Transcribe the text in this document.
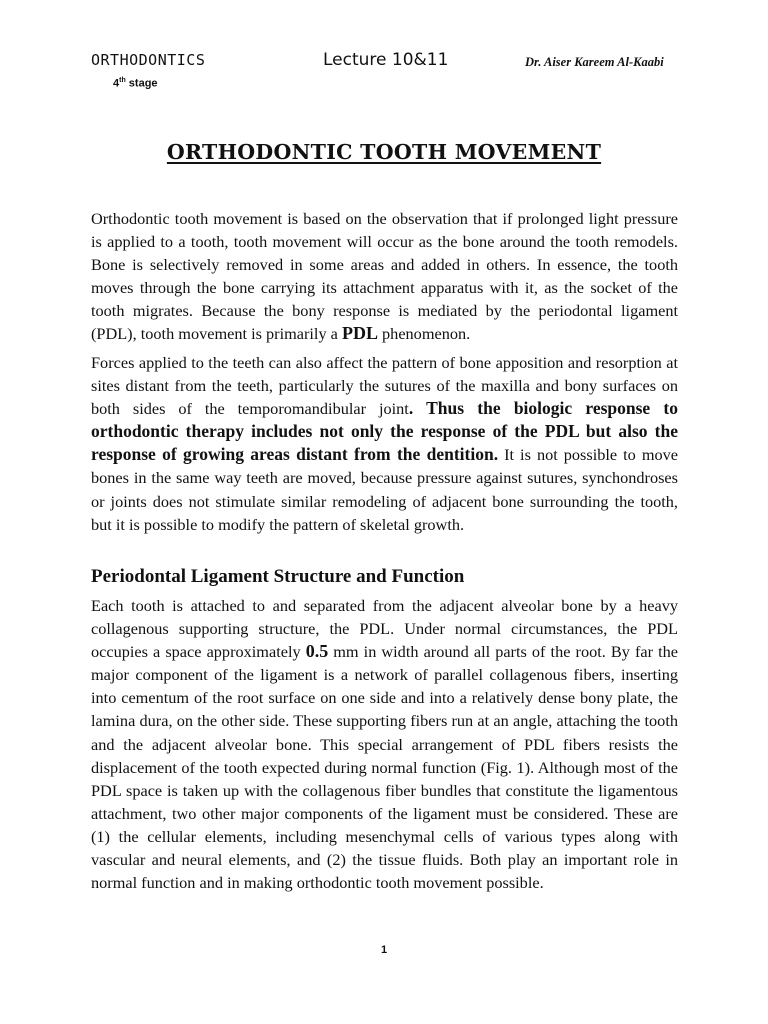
ORTHODONTICS
4th stage
Lecture 10&11	Dr. Aiser Kareem Al-Kaabi
ORTHODONTIC TOOTH MOVEMENT

Orthodontic tooth movement is based on the observation that if prolonged light pressure is applied to a tooth, tooth movement will occur as the bone around the tooth remodels. Bone is selectively removed in some areas and added in others. In essence, the tooth moves through the bone carrying its attachment apparatus with it, as the socket of the tooth migrates. Because the bony response is mediated by the periodontal ligament (PDL), tooth movement is primarily a PDL phenomenon.

Forces applied to the teeth can also affect the pattern of bone apposition and resorption at sites distant from the teeth, particularly the sutures of the maxilla and bony surfaces on both sides of the temporomandibular joint. Thus the biologic response to orthodontic therapy includes not only the response of the PDL but also the response of growing areas distant from the dentition. It is not possible to move bones in the same way teeth are moved, because pressure against sutures, synchondroses or joints does not stimulate similar remodeling of adjacent bone surrounding the tooth, but it is possible to modify the pattern of skeletal growth.

Periodontal Ligament Structure and Function

Each tooth is attached to and separated from the adjacent alveolar bone by a heavy collagenous supporting structure, the PDL. Under normal circumstances, the PDL occupies a space approximately 0.5 mm in width around all parts of the root. By far the major component of the ligament is a network of parallel collagenous fibers, inserting into cementum of the root surface on one side and into a relatively dense bony plate, the lamina dura, on the other side. These supporting fibers run at an angle, attaching the tooth and the adjacent alveolar bone. This special arrangement of PDL fibers resists the displacement of the tooth expected during normal function (Fig. 1). Although most of the PDL space is taken up with the collagenous fiber bundles that constitute the ligamentous attachment, two other major components of the ligament must be considered. These are (1) the cellular elements, including mesenchymal cells of various types along with vascular and neural elements, and (2) the tissue fluids. Both play an important role in normal function and in making orthodontic tooth movement possible.

1
